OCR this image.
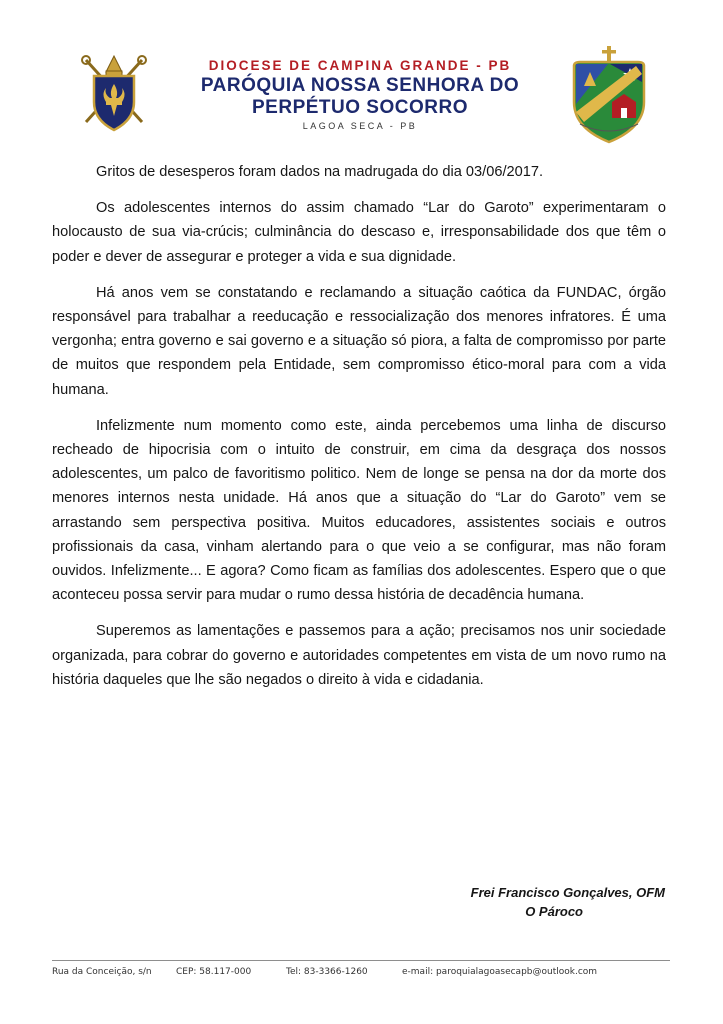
DIOCESE DE CAMPINA GRANDE - PB
PARÓQUIA NOSSA SENHORA DO
PERPÉTUO SOCORRO
LAGOA SECA - PB

Gritos de desesperos foram dados na madrugada do dia 03/06/2017.

Os adolescentes internos do assim chamado “Lar do Garoto” experimentaram o holocausto de sua via-crúcis; culminância do descaso e, irresponsabilidade dos que têm o poder e dever de assegurar e proteger a vida e sua dignidade.

Há anos vem se constatando e reclamando a situação caótica da FUNDAC, órgão responsável para trabalhar a reeducação e ressocialização dos menores infratores. É uma vergonha; entra governo e sai governo e a situação só piora, a falta de compromisso por parte de muitos que respondem pela Entidade, sem compromisso ético-moral para com a vida humana.

Infelizmente num momento como este, ainda percebemos uma linha de discurso recheado de hipocrisia com o intuito de construir, em cima da desgraça dos nossos adolescentes, um palco de favoritismo politico. Nem de longe se pensa na dor da morte dos menores internos nesta unidade. Há anos que a situação do “Lar do Garoto” vem se arrastando sem perspectiva positiva. Muitos educadores, assistentes sociais e outros profissionais da casa, vinham alertando para o que veio a se configurar, mas não foram ouvidos. Infelizmente... E agora? Como ficam as famílias dos adolescentes. Espero que o que aconteceu possa servir para mudar o rumo dessa história de decadência humana.

Superemos as lamentações e passemos para a ação; precisamos nos unir sociedade organizada, para cobrar do governo e autoridades competentes em vista de um novo rumo na história daqueles que lhe são negados o direito à vida e cidadania.

Frei Francisco Gonçalves, OFM
O Pároco
Rua da Conceição, s/n	CEP: 58.117-000	Tel: 83-3366-1260	e-mail: paroquialagoasecapb@outlook.com
